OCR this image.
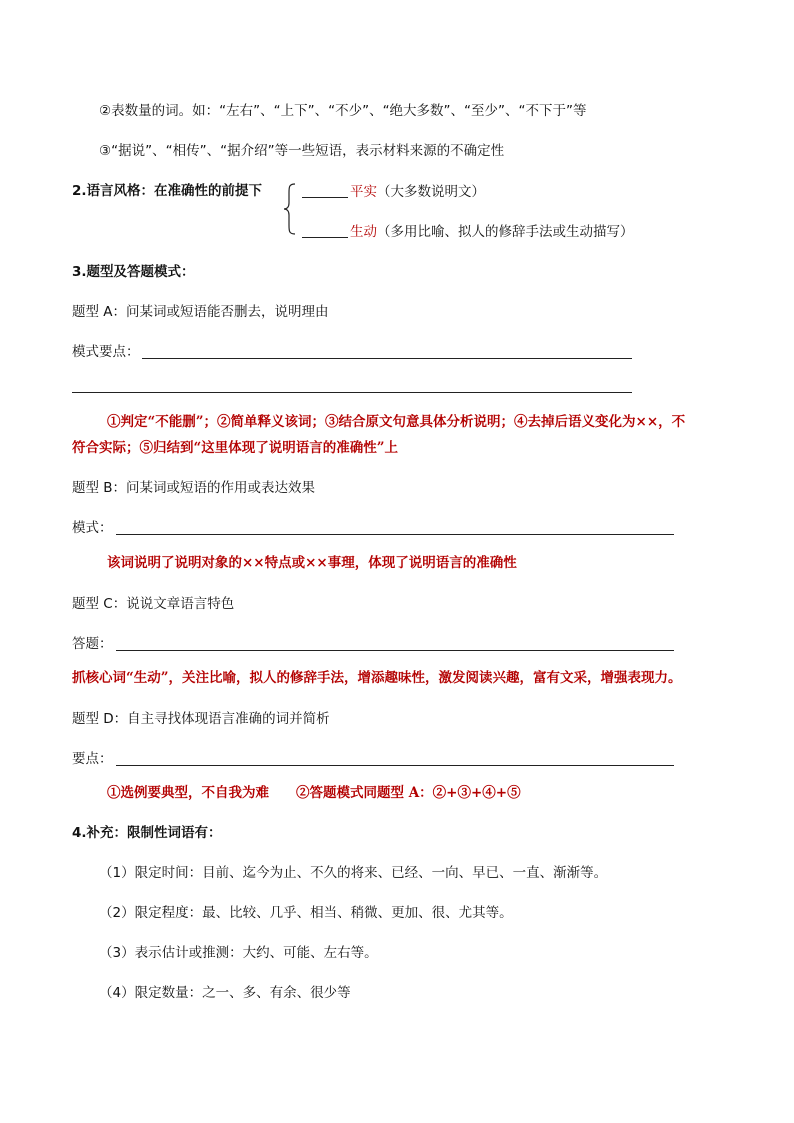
②表数量的词。如：“左右”、“上下”、“不少”、“绝大多数”、“至少”、“不下于”等
③“据说”、“相传”、“据介绍”等一些短语，表示材料来源的不确定性
2.语言风格：在准确性的前提下	平实（大多数说明文）
生动（多用比喻、拟人的修辞手法或生动描写）
3.题型及答题模式：
题型 A：问某词或短语能否删去，说明理由
模式要点：
①判定“不能删”；②简单释义该词；③结合原文句意具体分析说明；④去掉后语义变化为××，不
符合实际；⑤归结到“这里体现了说明语言的准确性”上
题型 B：问某词或短语的作用或表达效果
模式：
该词说明了说明对象的××特点或××事理，体现了说明语言的准确性
题型 C：说说文章语言特色
答题：
抓核心词“生动”，关注比喻，拟人的修辞手法，增添趣味性，激发阅读兴趣，富有文采，增强表现力。
题型 D：自主寻找体现语言准确的词并简析
要点：
①选例要典型，不自我为难　　②答题模式同题型 A：②+③+④+⑤
4.补充：限制性词语有：
（1）限定时间：目前、迄今为止、不久的将来、已经、一向、早已、一直、渐渐等。
（2）限定程度：最、比较、几乎、相当、稍微、更加、很、尤其等。
（3）表示估计或推测：大约、可能、左右等。
（4）限定数量：之一、多、有余、很少等
